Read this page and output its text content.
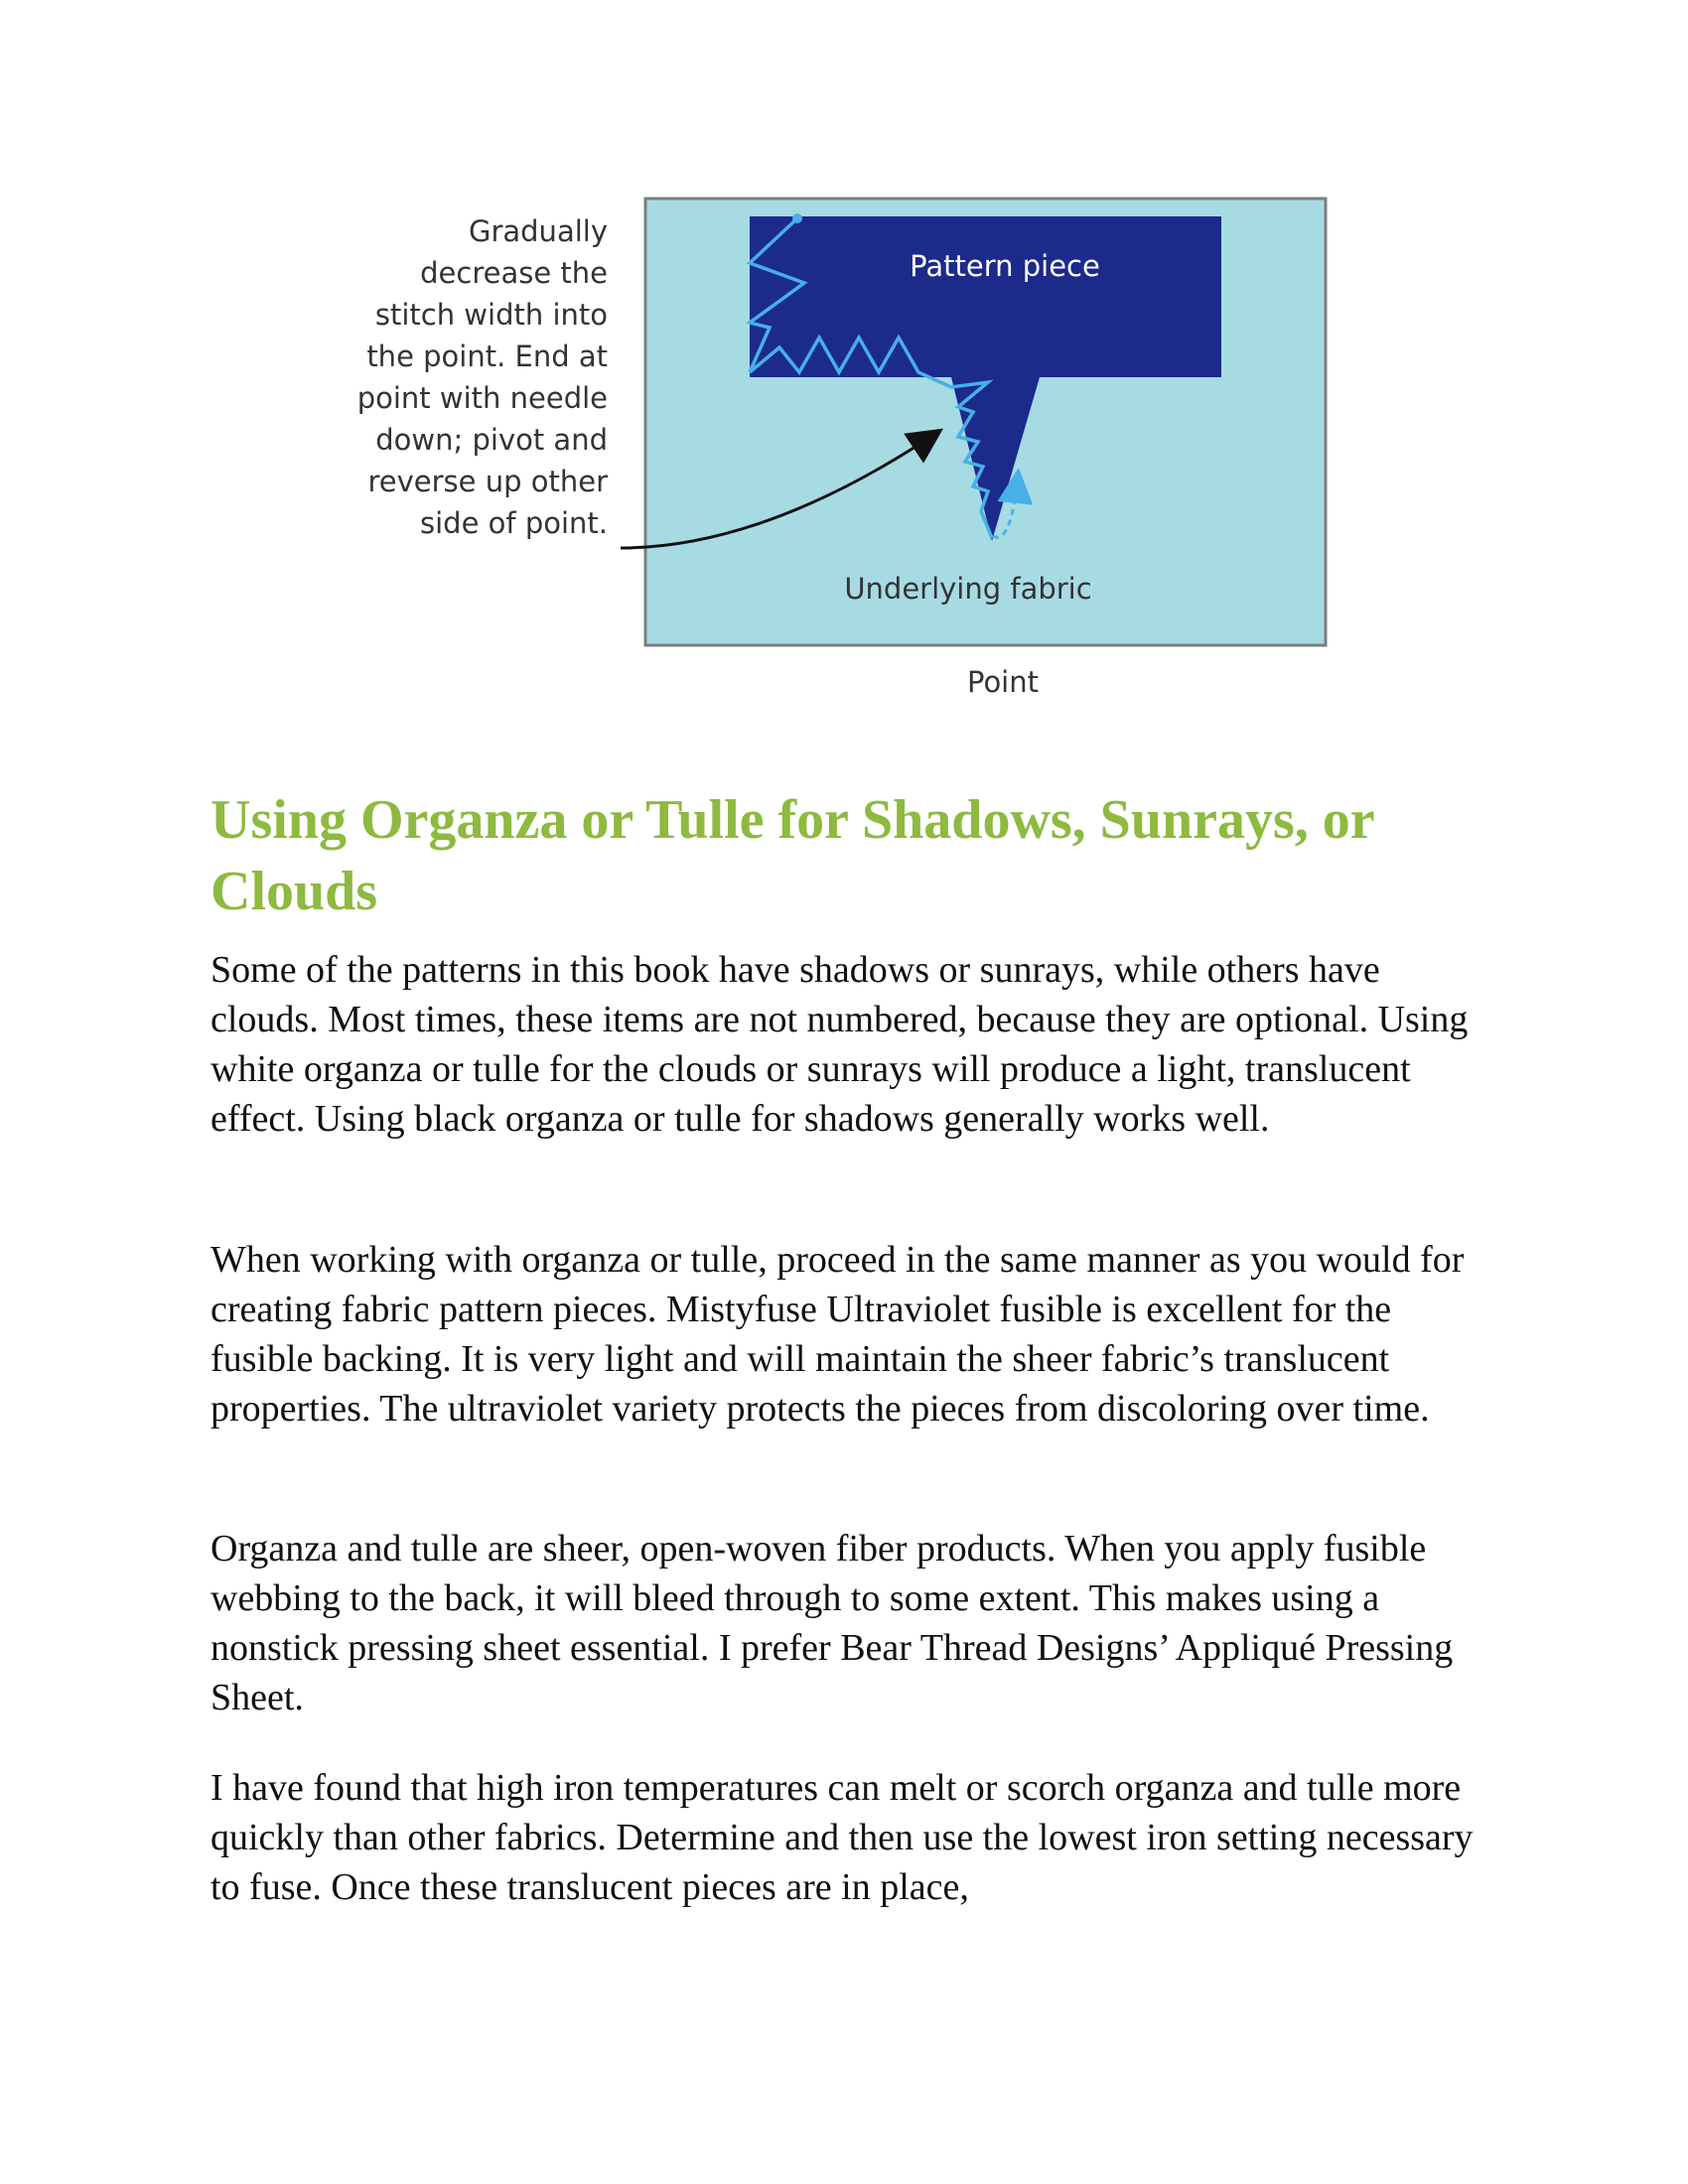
Gradually
decrease the
stitch width into
the point. End at
point with needle
down; pivot and
reverse up other
side of point.
Pattern piece
Underlying fabric
Point
Using Organza or Tulle for Shadows, Sunrays, or Clouds

Some of the patterns in this book have shadows or sunrays, while others have clouds. Most times, these items are not numbered, because they are optional. Using white organza or tulle for the clouds or sunrays will produce a light, translucent effect. Using black organza or tulle for shadows generally works well.

When working with organza or tulle, proceed in the same manner as you would for creating fabric pattern pieces. Mistyfuse Ultraviolet fusible is excellent for the fusible backing. It is very light and will maintain the sheer fabric’s translucent properties. The ultraviolet variety protects the pieces from discoloring over time.

Organza and tulle are sheer, open-woven fiber products. When you apply fusible webbing to the back, it will bleed through to some extent. This makes using a nonstick pressing sheet essential. I prefer Bear Thread Designs’ Appliqué Pressing Sheet.

I have found that high iron temperatures can melt or scorch organza and tulle more quickly than other fabrics. Determine and then use the lowest iron setting necessary to fuse. Once these translucent pieces are in place,
